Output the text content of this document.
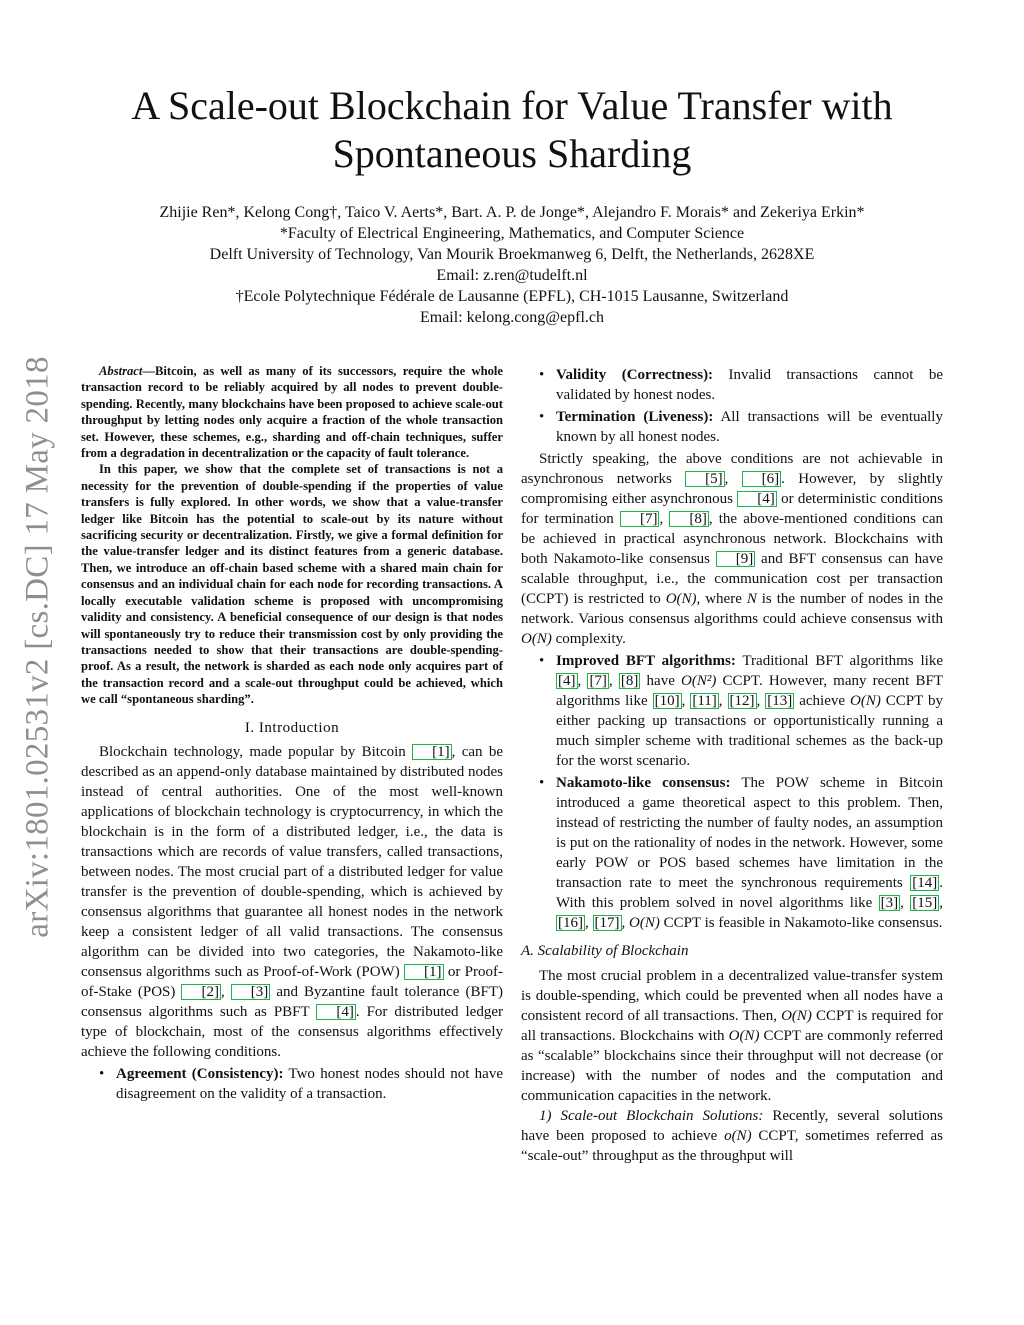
arXiv:1801.02531v2 [cs.DC] 17 May 2018
A Scale-out Blockchain for Value Transfer with
Spontaneous Sharding
Zhijie Ren*, Kelong Cong†, Taico V. Aerts*, Bart. A. P. de Jonge*, Alejandro F. Morais* and Zekeriya Erkin*
*Faculty of Electrical Engineering, Mathematics, and Computer Science
Delft University of Technology, Van Mourik Broekmanweg 6, Delft, the Netherlands, 2628XE
Email: z.ren@tudelft.nl
†Ecole Polytechnique Fédérale de Lausanne (EPFL), CH-1015 Lausanne, Switzerland
Email: kelong.cong@epfl.ch

Abstract—Bitcoin, as well as many of its successors, require the whole transaction record to be reliably acquired by all nodes to prevent double-spending. Recently, many blockchains have been proposed to achieve scale-out throughput by letting nodes only acquire a fraction of the whole transaction set. However, these schemes, e.g., sharding and off-chain techniques, suffer from a degradation in decentralization or the capacity of fault tolerance.

In this paper, we show that the complete set of transactions is not a necessity for the prevention of double-spending if the properties of value transfers is fully explored. In other words, we show that a value-transfer ledger like Bitcoin has the potential to scale-out by its nature without sacrificing security or decentralization. Firstly, we give a formal definition for the value-transfer ledger and its distinct features from a generic database. Then, we introduce an off-chain based scheme with a shared main chain for consensus and an individual chain for each node for recording transactions. A locally executable validation scheme is proposed with uncompromising validity and consistency. A beneficial consequence of our design is that nodes will spontaneously try to reduce their transmission cost by only providing the transactions needed to show that their transactions are double-spending-proof. As a result, the network is sharded as each node only acquires part of the transaction record and a scale-out throughput could be achieved, which we call “spontaneous sharding”.

I. Introduction

Blockchain technology, made popular by Bitcoin [1] , can be described as an append-only database maintained by distributed nodes instead of central authorities. One of the most well-known applications of blockchain technology is cryptocurrency, in which the blockchain is in the form of a distributed ledger, i.e., the data is transactions which are records of value transfers, called transactions, between nodes. The most crucial part of a distributed ledger for value transfer is the prevention of double-spending, which is achieved by consensus algorithms that guarantee all honest nodes in the network keep a consistent ledger of all valid transactions. The consensus algorithm can be divided into two categories, the Nakamoto-like consensus algorithms such as Proof-of-Work (POW) [1] or Proof-of-Stake (POS) [2] , [3] and Byzantine fault tolerance (BFT) consensus algorithms such as PBFT [4] . For distributed ledger type of blockchain, most of the consensus algorithms effectively achieve the following conditions.

• Agreement (Consistency): Two honest nodes should not have disagreement on the validity of a transaction.
• Validity (Correctness): Invalid transactions cannot be validated by honest nodes.
• Termination (Liveness): All transactions will be eventually known by all honest nodes.

Strictly speaking, the above conditions are not achievable in asynchronous networks [5] , [6] . However, by slightly compromising either asynchronous [4] or deterministic conditions for termination [7] , [8] , the above-mentioned conditions can be achieved in practical asynchronous network. Blockchains with both Nakamoto-like consensus [9] and BFT consensus can have scalable throughput, i.e., the communication cost per transaction (CCPT) is restricted to O(N), where N is the number of nodes in the network. Various consensus algorithms could achieve consensus with O(N) complexity.

• Improved BFT algorithms: Traditional BFT algorithms like [4] , [7] , [8] have O(N²) CCPT. However, many recent BFT algorithms like [10] , [11] , [12] , [13] achieve O(N) CCPT by either packing up transactions or opportunistically running a much simpler scheme with traditional schemes as the back-up for the worst scenario.
• Nakamoto-like consensus: The POW scheme in Bitcoin introduced a game theoretical aspect to this problem. Then, instead of restricting the number of faulty nodes, an assumption is put on the rationality of nodes in the network. However, some early POW or POS based schemes have limitation in the transaction rate to meet the synchronous requirements [14] . With this problem solved in novel algorithms like [3] , [15] , [16] , [17] , O(N) CCPT is feasible in Nakamoto-like consensus.
A. Scalability of Blockchain

The most crucial problem in a decentralized value-transfer system is double-spending, which could be prevented when all nodes have a consistent record of all transactions. Then, O(N) CCPT is required for all transactions. Blockchains with O(N) CCPT are commonly referred as “scalable” blockchains since their throughput will not decrease (or increase) with the number of nodes and the computation and communication capacities in the network.

1) Scale-out Blockchain Solutions: Recently, several solutions have been proposed to achieve o(N) CCPT, sometimes referred as “scale-out” throughput as the throughput will
